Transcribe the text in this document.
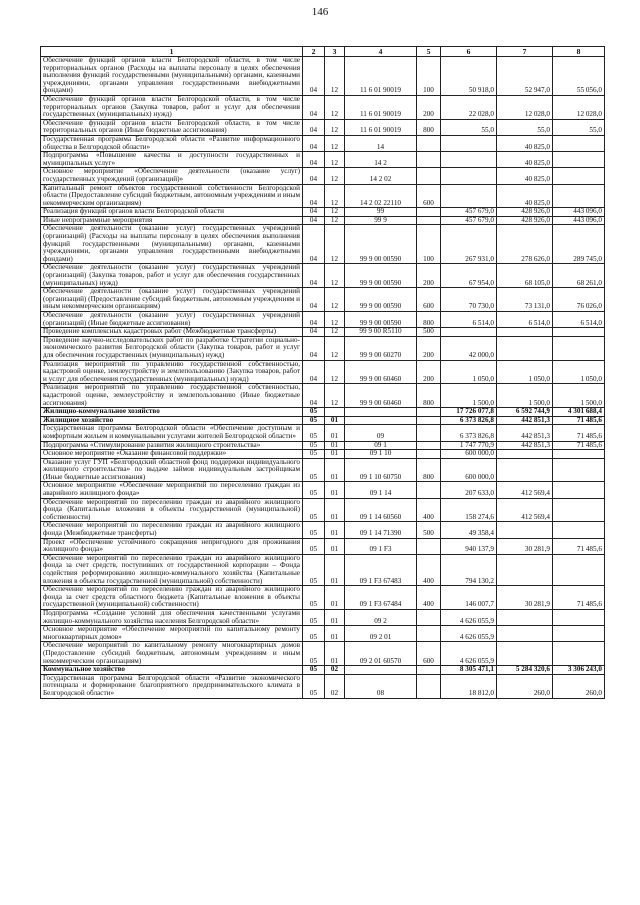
146
1	2	3	4	5	6	7	8
Обеспечение функций органов власти Белгородской области, в том числе территориальных органов (Расходы на выплаты персоналу в целях обеспечения выполнения функций государственными (муниципальными) органами, казенными учреждениями, органами управления государственными внебюджетными фондами)	04	12	11 6 01 90019	100	50 918,0	52 947,0	55 056,0
Обеспечение функций органов власти Белгородской области, в том числе территориальных органов (Закупка товаров, работ и услуг для обеспечения государственных (муниципальных) нужд)	04	12	11 6 01 90019	200	22 028,0	12 028,0	12 028,0
Обеспечение функций органов власти Белгородской области, в том числе территориальных органов (Иные бюджетные ассигнования)	04	12	11 6 01 90019	800	55,0	55,0	55,0
Государственная программа Белгородской области «Развитие информационного общества в Белгородской области»	04	12	14			40 825,0	
Подпрограмма «Повышение качества и доступности государственных и муниципальных услуг»	04	12	14 2			40 825,0	
Основное мероприятие «Обеспечение деятельности (оказание услуг) государственных учреждений (организаций)»	04	12	14 2 02			40 825,0	
Капитальный ремонт объектов государственной собственности Белгородской области (Предоставление субсидий бюджетным, автономным учреждениям и иным некоммерческим организациям)	04	12	14 2 02 22110	600		40 825,0	
Реализация функций органов власти Белгородской области	04	12	99		457 679,0	428 926,0	443 096,0
Иные непрограммные мероприятия	04	12	99 9		457 679,0	428 926,0	443 096,0
Обеспечение деятельности (оказание услуг) государственных учреждений (организаций) (Расходы на выплаты персоналу в целях обеспечения выполнения функций государственными (муниципальными) органами, казенными учреждениями, органами управления государственными внебюджетными фондами)	04	12	99 9 00 00590	100	267 931,0	278 626,0	289 745,0
Обеспечение деятельности (оказание услуг) государственных учреждений (организаций) (Закупка товаров, работ и услуг для обеспечения государственных (муниципальных) нужд)	04	12	99 9 00 00590	200	67 954,0	68 105,0	68 261,0
Обеспечение деятельности (оказание услуг) государственных учреждений (организаций) (Предоставление субсидий бюджетным, автономным учреждениям и иным некоммерческим организациям)	04	12	99 9 00 00590	600	70 730,0	73 131,0	76 026,0
Обеспечение деятельности (оказание услуг) государственных учреждений (организаций) (Иные бюджетные ассигнования)	04	12	99 9 00 00590	800	6 514,0	6 514,0	6 514,0
Проведение комплексных кадастровых работ (Межбюджетные трансферты)	04	12	99 9 00 R5110	500			
Проведение научно-исследовательских работ по разработке Стратегии социально-экономического развития Белгородской области (Закупка товаров, работ и услуг для обеспечения государственных (муниципальных) нужд)	04	12	99 9 00 60270	200	42 000,0		
Реализация мероприятий по управлению государственной собственностью, кадастровой оценке, землеустройству и землепользованию (Закупка товаров, работ и услуг для обеспечения государственных (муниципальных) нужд)	04	12	99 9 00 60460	200	1 050,0	1 050,0	1 050,0
Реализация мероприятий по управлению государственной собственностью, кадастровой оценке, землеустройству и землепользованию (Иные бюджетные ассигнования)	04	12	99 9 00 60460	800	1 500,0	1 500,0	1 500,0
Жилищно-коммунальное хозяйство	05				17 726 077,8	6 592 744,9	4 301 688,4
Жилищное хозяйство	05	01			6 373 826,8	442 851,3	71 485,6
Государственная программа Белгородской области «Обеспечение доступным и комфортным жильем и коммунальными услугами жителей Белгородской области»	05	01	09		6 373 826,8	442 851,3	71 485,6
Подпрограмма «Стимулирование развития жилищного строительства»	05	01	09 1		1 747 770,9	442 851,3	71 485,6
Основное мероприятие «Оказание финансовой поддержки»	05	01	09 1 10		600 000,0		
Оказание услуг ГУП «Белгородский областной фонд поддержки индивидуального жилищного строительства» по выдаче займов индивидуальным застройщикам (Иные бюджетные ассигнования)	05	01	09 1 10 60750	800	600 000,0		
Основное мероприятие «Обеспечение мероприятий по переселению граждан из аварийного жилищного фонда»	05	01	09 1 14		207 633,0	412 569,4	
Обеспечение мероприятий по переселению граждан из аварийного жилищного фонда (Капитальные вложения в объекты государственной (муниципальной) собственности)	05	01	09 1 14 60560	400	158 274,6	412 569,4	
Обеспечение мероприятий по переселению граждан из аварийного жилищного фонда (Межбюджетные трансферты)	05	01	09 1 14 71390	500	49 358,4		
Проект «Обеспечение устойчивого сокращения непригодного для проживания жилищного фонда»	05	01	09 1 F3		940 137,9	30 281,9	71 485,6
Обеспечение мероприятий по переселению граждан из аварийного жилищного фонда за счет средств, поступивших от государственной корпорации – Фонда содействия реформированию жилищно-коммунального хозяйства (Капитальные вложения в объекты государственной (муниципальной) собственности)	05	01	09 1 F3 67483	400	794 130,2		
Обеспечение мероприятий по переселению граждан из аварийного жилищного фонда за счет средств областного бюджета (Капитальные вложения в объекты государственной (муниципальной) собственности)	05	01	09 1 F3 67484	400	146 007,7	30 281,9	71 485,6
Подпрограмма «Создание условий для обеспечения качественными услугами жилищно-коммунального хозяйства населения Белгородской области»	05	01	09 2		4 626 055,9		
Основное мероприятие «Обеспечение мероприятий по капитальному ремонту многоквартирных домов»	05	01	09 2 01		4 626 055,9		
Обеспечение мероприятий по капитальному ремонту многоквартирных домов (Предоставление субсидий бюджетным, автономным учреждениям и иным некоммерческим организациям)	05	01	09 2 01 60570	600	4 626 055,9		
Коммунальное хозяйство	05	02			8 305 471,1	5 284 320,6	3 306 243,0
Государственная программа Белгородской области «Развитие экономического потенциала и формирование благоприятного предпринимательского климата в Белгородской области»	05	02	08		18 812,0	260,0	260,0
